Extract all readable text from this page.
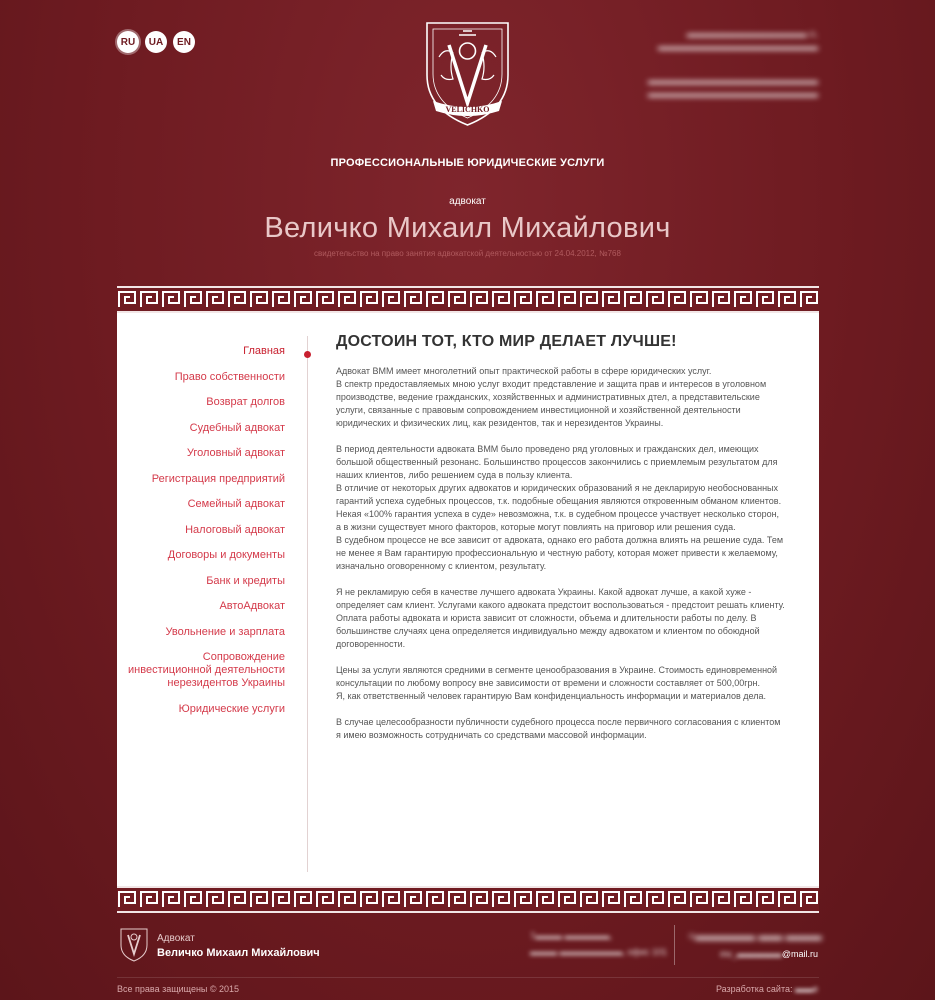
RU	UA	EN
VELICHKO
▬▬▬▬▬▬▬▬▬▬▬▬ н,
▬▬▬▬▬▬▬▬▬▬▬▬▬▬▬▬
▬▬▬▬▬▬▬▬▬▬▬▬▬▬▬▬▬
▬▬▬▬▬▬▬▬▬▬▬▬▬▬▬▬▬
ПРОФЕССИОНАЛЬНЫЕ ЮРИДИЧЕСКИЕ УСЛУГИ
адвокат
Величко Михаил Михайлович
свидетельство на право занятия адвокатской деятельностью от 24.04.2012, №768
Главная
Право собственности
Возврат долгов
Судебный адвокат
Уголовный адвокат
Регистрация предприятий
Семейный адвокат
Налоговый адвокат
Договоры и документы
Банк и кредиты
АвтоАдвокат
Увольнение и зарплата
Сопровождение инвестиционной деятельности нерезидентов Украины
Юридические услуги
ДОСТОИН ТОТ, КТО МИР ДЕЛАЕТ ЛУЧШЕ!

Адвокат ВММ имеет многолетний опыт практической работы в сфере юридических услуг.
В спектр предоставляемых мною услуг входит представление и защита прав и интересов в уголовном производстве, ведение гражданских, хозяйственных и административных дтел, а представительские услуги, связанные с правовым сопровождением инвестиционной и хозяйственной деятельности юридических и физических лиц, как резидентов, так и нерезидентов Украины.

В период деятельности адвоката ВММ было проведено ряд уголовных и гражданских дел, имеющих большой общественный резонанс. Большинство процессов закончились с приемлемым результатом для наших клиентов, либо решением суда в пользу клиента.
В отличие от некоторых других адвокатов и юридических образований я не декларирую необоснованных гарантий успеха судебных процессов, т.к. подобные обещания являются откровенным обманом клиентов. Некая «100% гарантия успеха в суде» невозможна, т.к. в судебном процессе участвует несколько сторон, а в жизни существует много факторов, которые могут повлиять на приговор или решения суда.
В судебном процессе не все зависит от адвоката, однако его работа должна влиять на решение суда. Тем не менее я Вам гарантирую профессиональную и честную работу, которая может привести к желаемому, изначально оговоренному с клиентом, результату.

Я не рекламирую себя в качестве лучшего адвоката Украины. Какой адвокат лучше, а какой хуже - определяет сам клиент. Услугами какого адвоката предстоит воспользоваться - предстоит решать клиенту.
Оплата работы адвоката и юриста зависит от сложности, объема и длительности работы по делу. В большинстве случаях цена определяется индивидуально между адвокатом и клиентом по обоюдной договоренности.

Цены за услуги являются средними в сегменте ценообразования в Украине. Стоимость единовременной консультации по любому вопросу вне зависимости от времени и сложности составляет от 500,00грн.
Я, как ответственный человек гарантирую Вам конфиденциальность информации и материалов дела.

В случае целесообразности публичности судебного процесса после первичного согласования с клиентом я имею возможность сотрудничать со средствами массовой информации.

Адвокат
Величко Михаил Михайлович
7▬▬▬ ▬▬▬▬▬,
▬▬▬ ▬▬▬▬▬▬▬, офис 101
+▬▬▬▬▬ ▬▬ ▬▬▬
mv_▬▬▬▬▬@mail.ru
Все права защищены © 2015	Разработка сайта: ▬▬e
